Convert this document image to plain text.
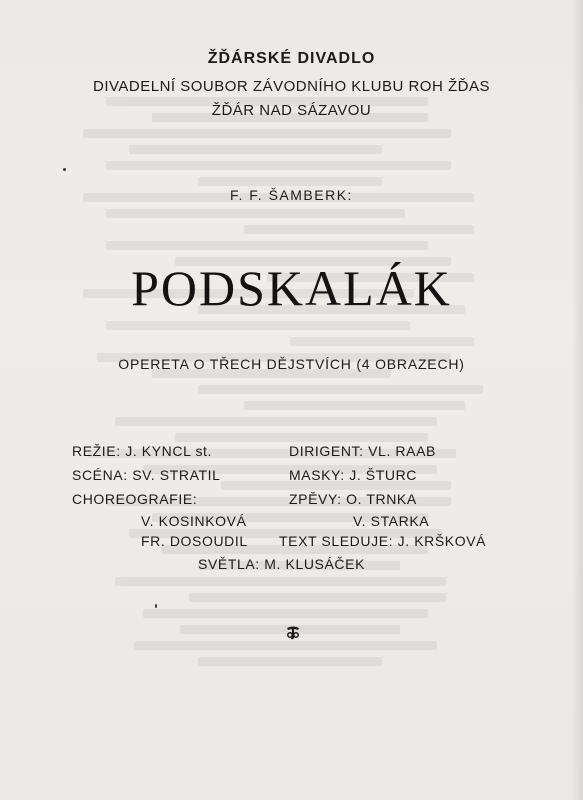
ŽĎÁRSKÉ DIVADLO
DIVADELNÍ SOUBOR ZÁVODNÍHO KLUBU ROH ŽĎAS
ŽĎÁR NAD SÁZAVOU
F. F. ŠAMBERK:
PODSKALÁK
OPERETA O TŘECH DĚJSTVÍCH (4 OBRAZECH)
REŽIE: J. KYNCL st.
SCÉNA: SV. STRATIL
CHOREOGRAFIE:
V. KOSINKOVÁ
FR. DOSOUDIL
DIRIGENT: VL. RAAB
MASKY: J. ŠTURC
ZPĚVY: O. TRNKA
V. STARKA
TEXT SLEDUJE: J. KRŠKOVÁ
SVĚTLA: M. KLUSÁČEK
